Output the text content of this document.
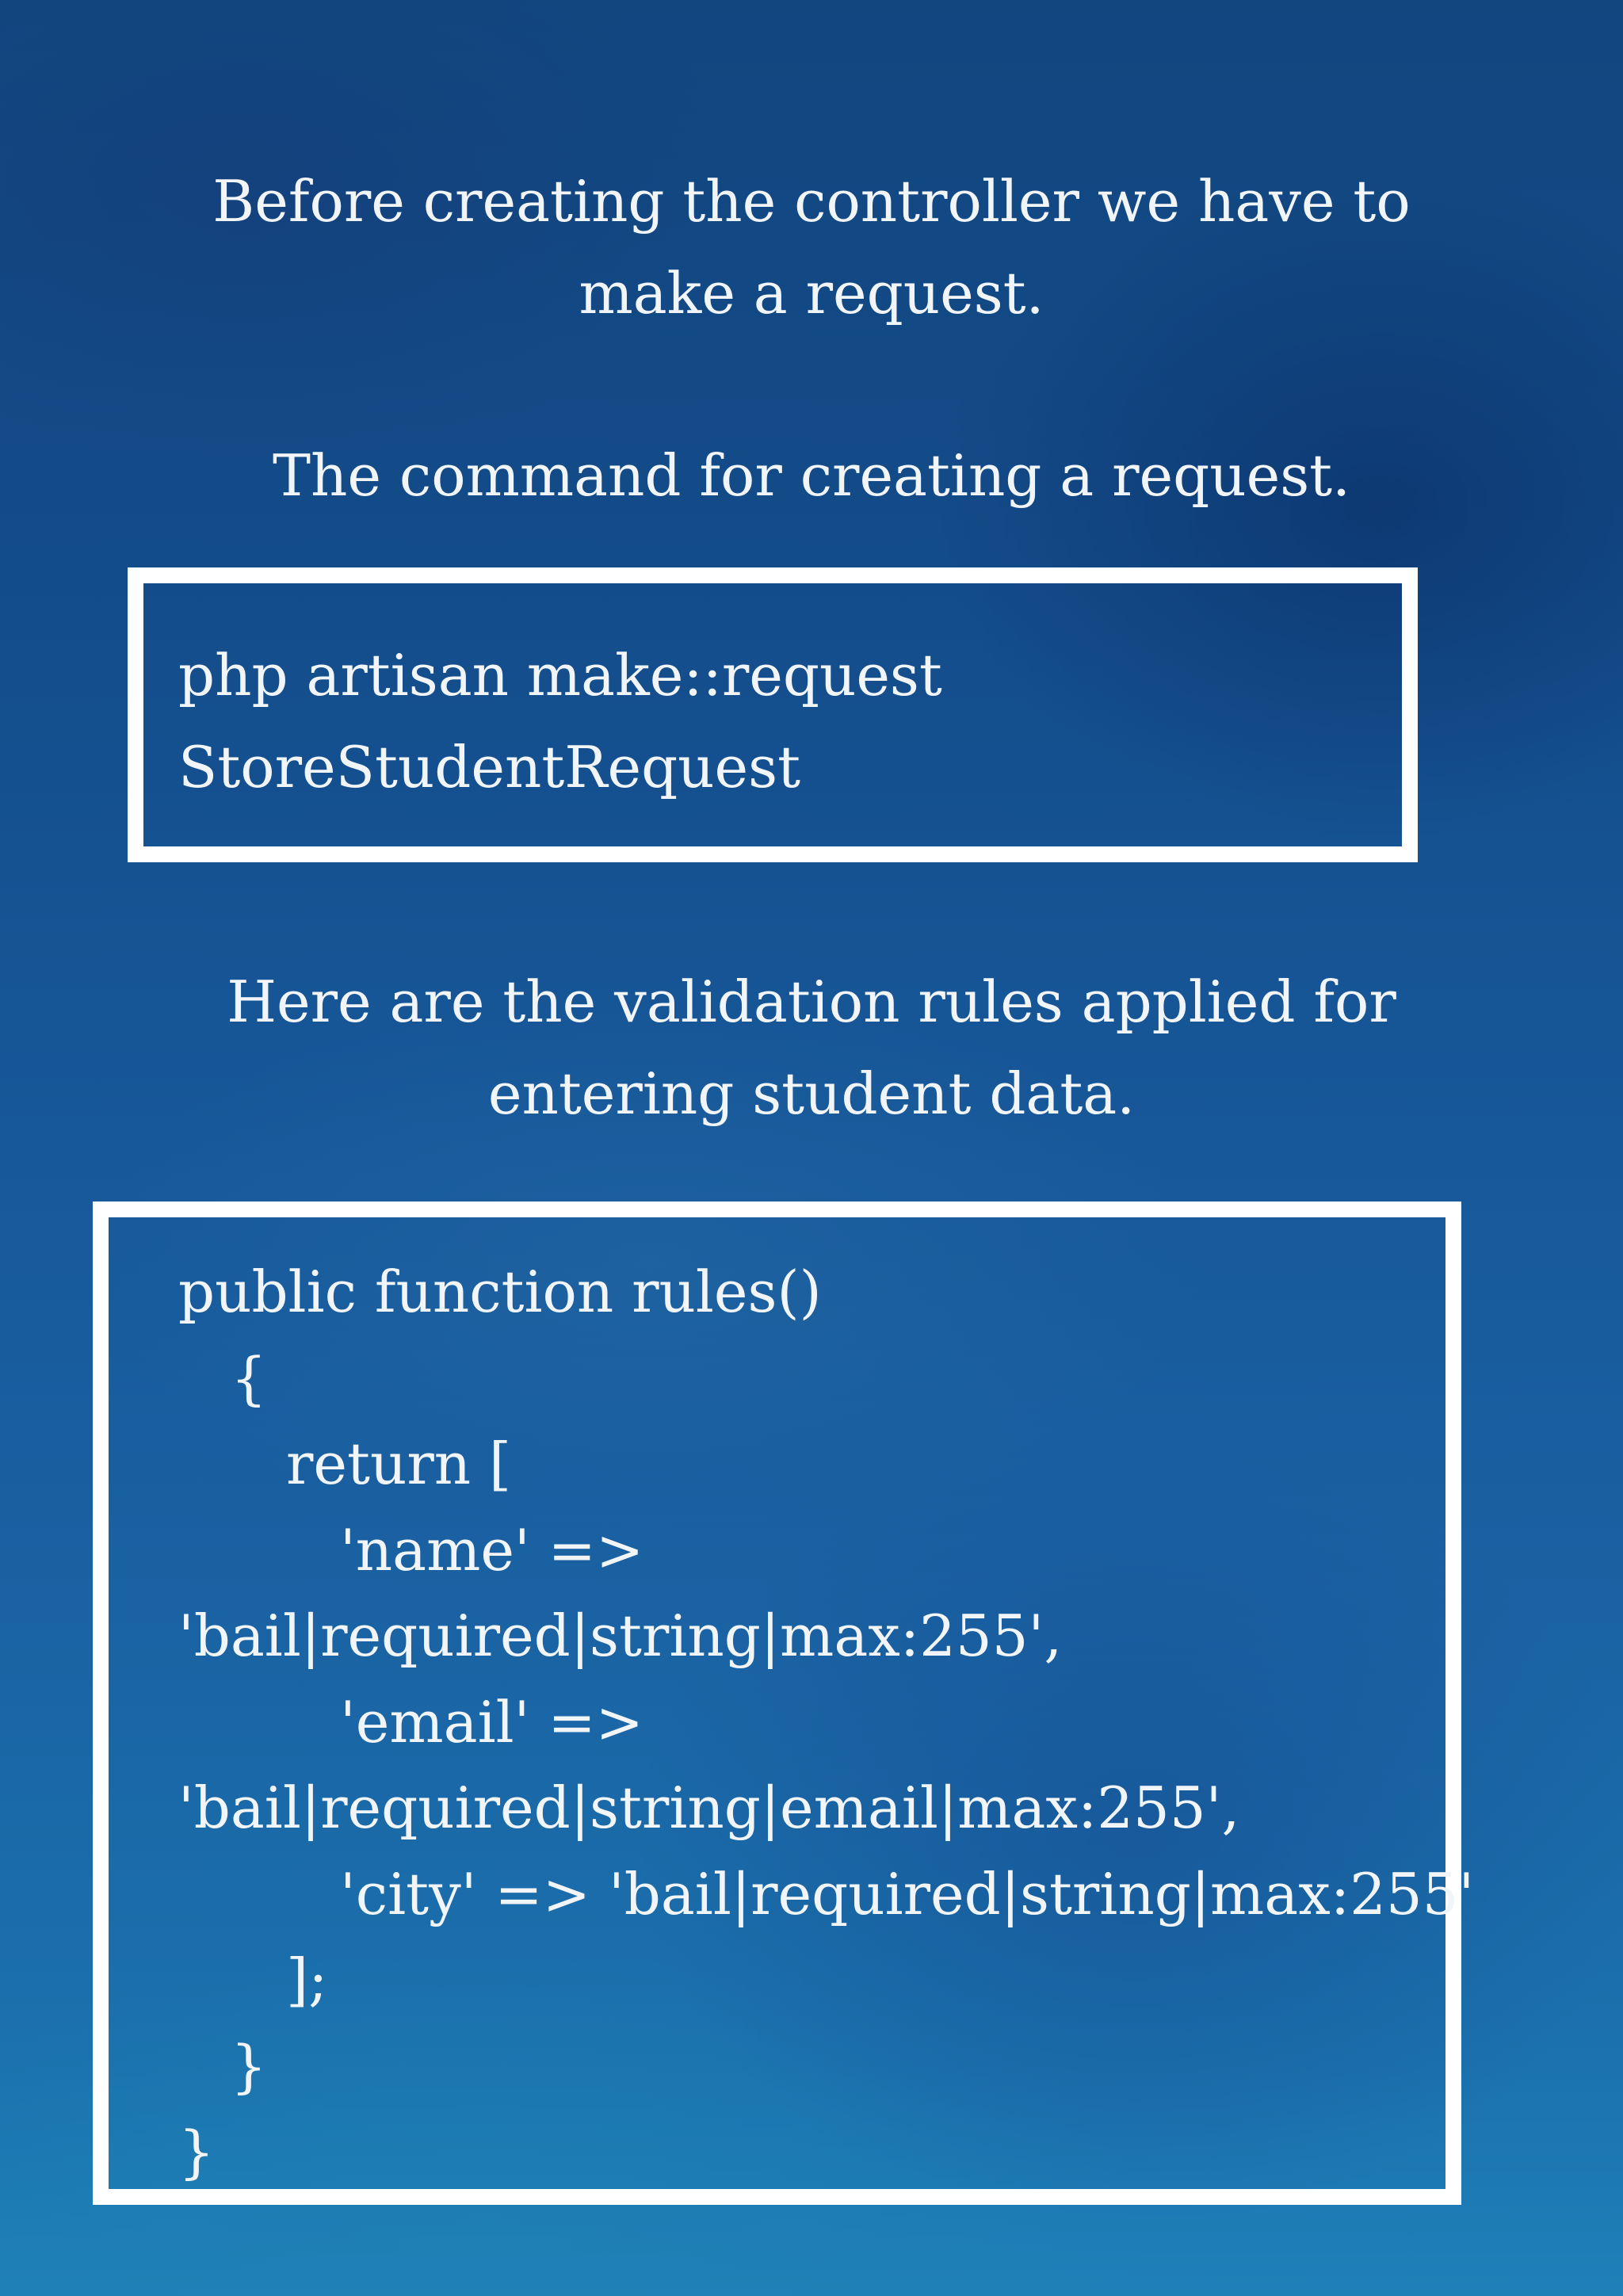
Before creating the controller we have to
make a request.

The command for creating a request.

php artisan make::request
StoreStudentRequest

Here are the validation rules applied for
entering student data.

public function rules()
{
return [
'name' =>
'bail|required|string|max:255',
'email' =>
'bail|required|string|email|max:255',
'city' => 'bail|required|string|max:255'
];
}
}
